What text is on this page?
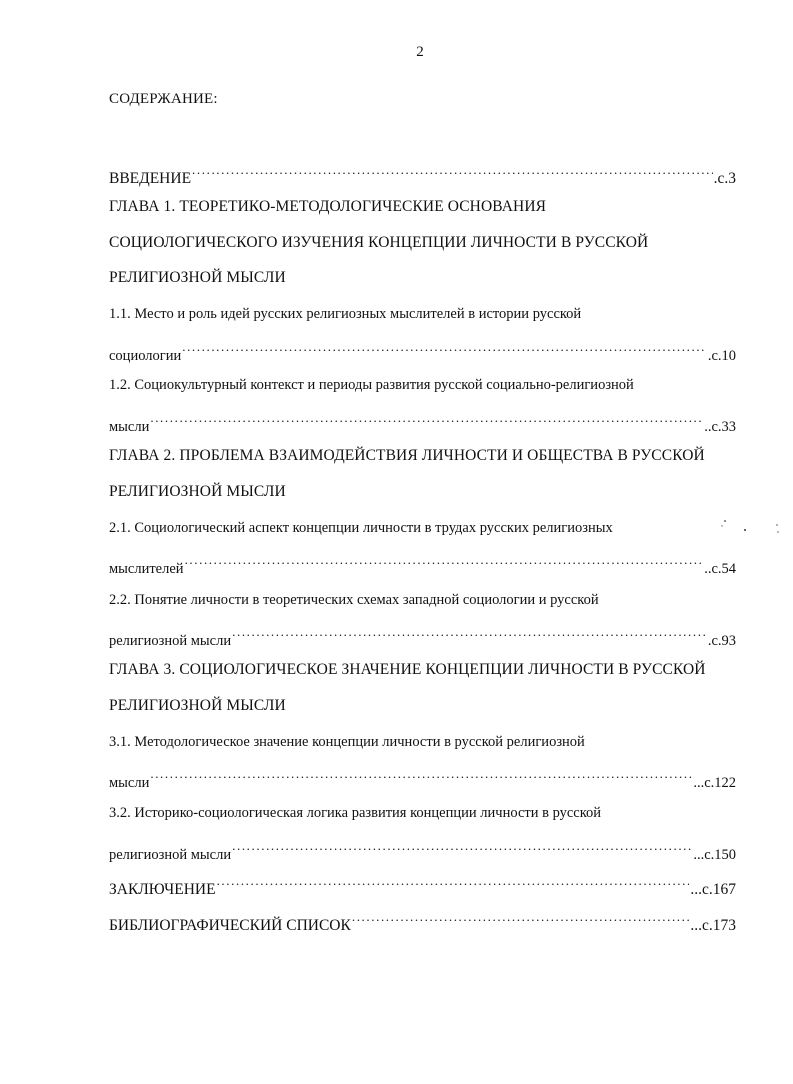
2
СОДЕРЖАНИЕ:
ВВЕДЕНИЕ .....	.с.3
ГЛАВА 1. ТЕОРЕТИКО-МЕТОДОЛОГИЧЕСКИЕ ОСНОВАНИЯ
СОЦИОЛОГИЧЕСКОГО ИЗУЧЕНИЯ КОНЦЕПЦИИ ЛИЧНОСТИ В РУССКОЙ
РЕЛИГИОЗНОЙ МЫСЛИ
1.1. Место и роль идей русских религиозных мыслителей в истории русской
социологии .....	.с.10
1.2. Социокультурный контекст и периоды развития русской социально-религиозной
мысли .....	..с.33
ГЛАВА 2. ПРОБЛЕМА ВЗАИМОДЕЙСТВИЯ ЛИЧНОСТИ И ОБЩЕСТВА В РУССКОЙ
РЕЛИГИОЗНОЙ МЫСЛИ
2.1. Социологический аспект концепции личности в трудах русских религиозных
мыслителей .....	..с.54
2.2. Понятие личности в теоретических схемах западной социологии и русской
религиозной мысли .....	.с.93
ГЛАВА 3. СОЦИОЛОГИЧЕСКОЕ ЗНАЧЕНИЕ КОНЦЕПЦИИ ЛИЧНОСТИ В РУССКОЙ
РЕЛИГИОЗНОЙ МЫСЛИ
3.1. Методологическое значение концепции личности в русской религиозной
мысли .....	...с.122
3.2. Историко-социологическая логика развития концепции личности в русской
религиозной мысли .....	...с.150
ЗАКЛЮЧЕНИЕ .....	...с.167
БИБЛИОГРАФИЧЕСКИЙ СПИСОК .....	...с.173
